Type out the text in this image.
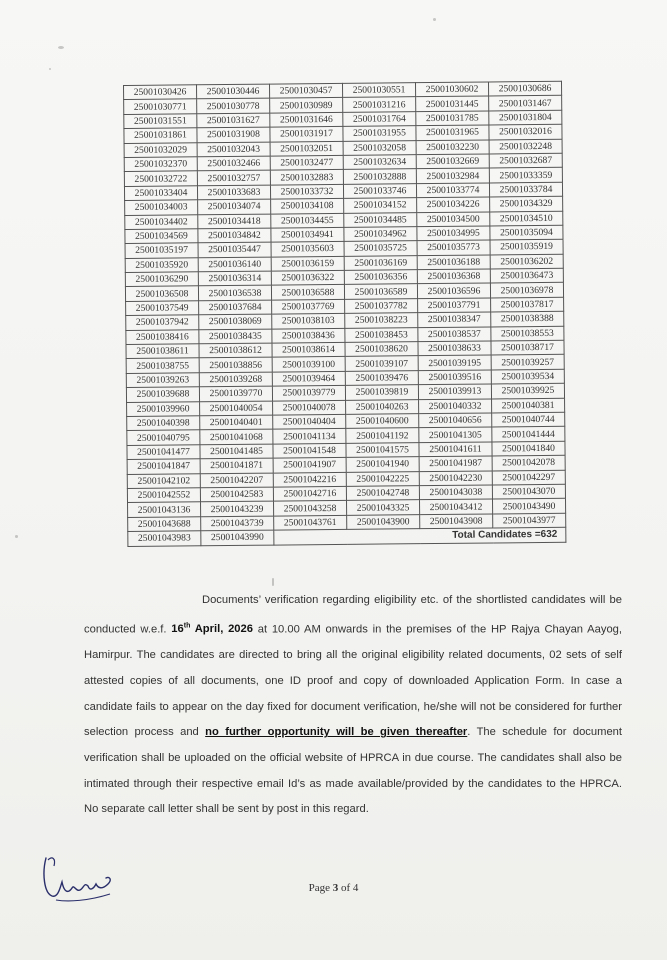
25001030426	25001030446	25001030457	25001030551	25001030602	25001030686
25001030771	25001030778	25001030989	25001031216	25001031445	25001031467
25001031551	25001031627	25001031646	25001031764	25001031785	25001031804
25001031861	25001031908	25001031917	25001031955	25001031965	25001032016
25001032029	25001032043	25001032051	25001032058	25001032230	25001032248
25001032370	25001032466	25001032477	25001032634	25001032669	25001032687
25001032722	25001032757	25001032883	25001032888	25001032984	25001033359
25001033404	25001033683	25001033732	25001033746	25001033774	25001033784
25001034003	25001034074	25001034108	25001034152	25001034226	25001034329
25001034402	25001034418	25001034455	25001034485	25001034500	25001034510
25001034569	25001034842	25001034941	25001034962	25001034995	25001035094
25001035197	25001035447	25001035603	25001035725	25001035773	25001035919
25001035920	25001036140	25001036159	25001036169	25001036188	25001036202
25001036290	25001036314	25001036322	25001036356	25001036368	25001036473
25001036508	25001036538	25001036588	25001036589	25001036596	25001036978
25001037549	25001037684	25001037769	25001037782	25001037791	25001037817
25001037942	25001038069	25001038103	25001038223	25001038347	25001038388
25001038416	25001038435	25001038436	25001038453	25001038537	25001038553
25001038611	25001038612	25001038614	25001038620	25001038633	25001038717
25001038755	25001038856	25001039100	25001039107	25001039195	25001039257
25001039263	25001039268	25001039464	25001039476	25001039516	25001039534
25001039688	25001039770	25001039779	25001039819	25001039913	25001039925
25001039960	25001040054	25001040078	25001040263	25001040332	25001040381
25001040398	25001040401	25001040404	25001040600	25001040656	25001040744
25001040795	25001041068	25001041134	25001041192	25001041305	25001041444
25001041477	25001041485	25001041548	25001041575	25001041611	25001041840
25001041847	25001041871	25001041907	25001041940	25001041987	25001042078
25001042102	25001042207	25001042216	25001042225	25001042230	25001042297
25001042552	25001042583	25001042716	25001042748	25001043038	25001043070
25001043136	25001043239	25001043258	25001043325	25001043412	25001043490
25001043688	25001043739	25001043761	25001043900	25001043908	25001043977
25001043983	25001043990	Total Candidates =632			
Documents’ verification regarding eligibility etc. of the shortlisted candidates will be conducted w.e.f. 16th April, 2026 at 10.00 AM onwards in the premises of the HP Rajya Chayan Aayog, Hamirpur. The candidates are directed to bring all the original eligibility related documents, 02 sets of self attested copies of all documents, one ID proof and copy of downloaded Application Form. In case a candidate fails to appear on the day fixed for document verification, he/she will not be considered for further selection process and no further opportunity will be given thereafter. The schedule for document verification shall be uploaded on the official website of HPRCA in due course. The candidates shall also be intimated through their respective email Id’s as made available/provided by the candidates to the HPRCA. No separate call letter shall be sent by post in this regard.
Page 3 of 4
